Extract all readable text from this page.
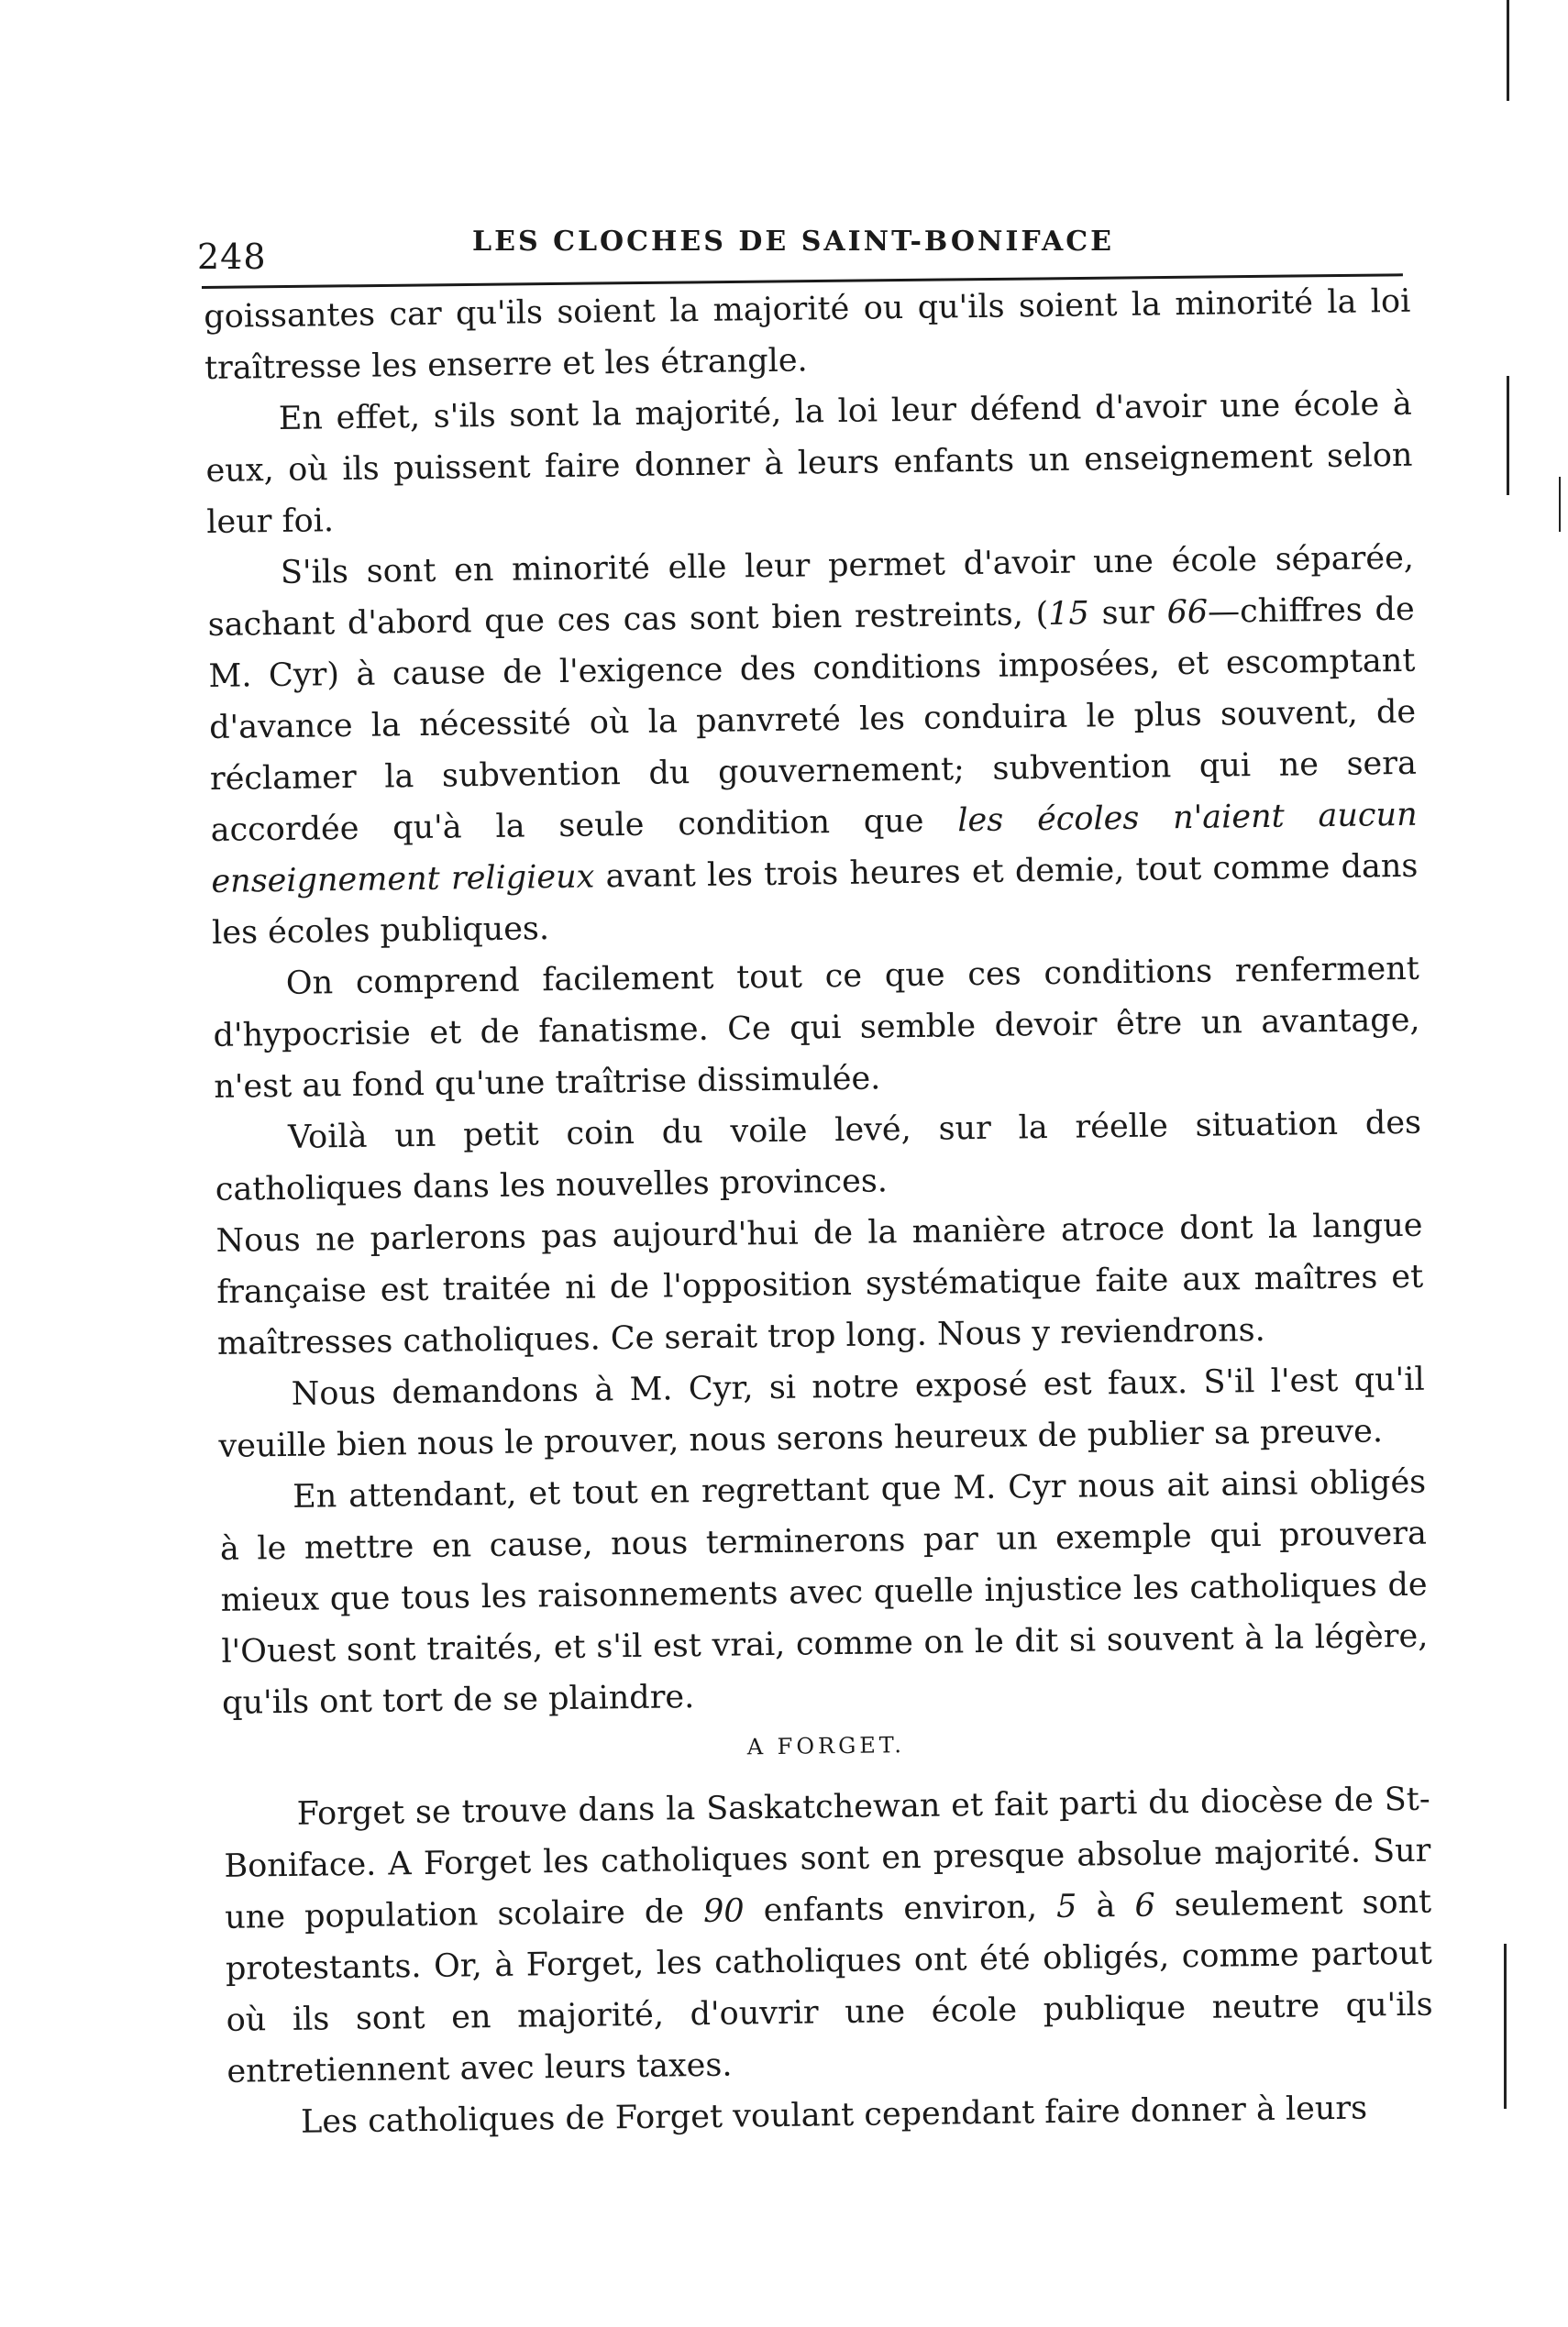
248	LES CLOCHES DE SAINT-BONIFACE

goissantes car qu'ils soient la majorité ou qu'ils soient la minorité la loi traîtresse les enserre et les étrangle.

En effet, s'ils sont la majorité, la loi leur défend d'avoir une école à eux, où ils puissent faire donner à leurs enfants un enseignement selon leur foi.

S'ils sont en minorité elle leur permet d'avoir une école séparée, sachant d'abord que ces cas sont bien restreints, (15 sur 66—chiffres de M. Cyr) à cause de l'exigence des conditions imposées, et escomptant d'avance la nécessité où la panvreté les conduira le plus souvent, de réclamer la subvention du gouvernement; subvention qui ne sera accordée qu'à la seule condition que les écoles n'aient aucun enseignement religieux avant les trois heures et demie, tout comme dans les écoles publiques.

On comprend facilement tout ce que ces conditions renferment d'hypocrisie et de fanatisme. Ce qui semble devoir être un avantage, n'est au fond qu'une traîtrise dissimulée.

Voilà un petit coin du voile levé, sur la réelle situation des catholiques dans les nouvelles provinces.

Nous ne parlerons pas aujourd'hui de la manière atroce dont la langue française est traitée ni de l'opposition systématique faite aux maîtres et maîtresses catholiques. Ce serait trop long. Nous y reviendrons.

Nous demandons à M. Cyr, si notre exposé est faux. S'il l'est qu'il veuille bien nous le prouver, nous serons heureux de publier sa preuve.

En attendant, et tout en regrettant que M. Cyr nous ait ainsi obligés à le mettre en cause, nous terminerons par un exemple qui prouvera mieux que tous les raisonnements avec quelle injustice les catholiques de l'Ouest sont traités, et s'il est vrai, comme on le dit si souvent à la légère, qu'ils ont tort de se plaindre.

A FORGET.

Forget se trouve dans la Saskatchewan et fait parti du diocèse de St-Boniface. A Forget les catholiques sont en presque absolue majorité. Sur une population scolaire de 90 enfants environ, 5 à 6 seulement sont protestants. Or, à Forget, les catholiques ont été obligés, comme partout où ils sont en majorité, d'ouvrir une école publique neutre qu'ils entretiennent avec leurs taxes.

Les catholiques de Forget voulant cependant faire donner à leurs
